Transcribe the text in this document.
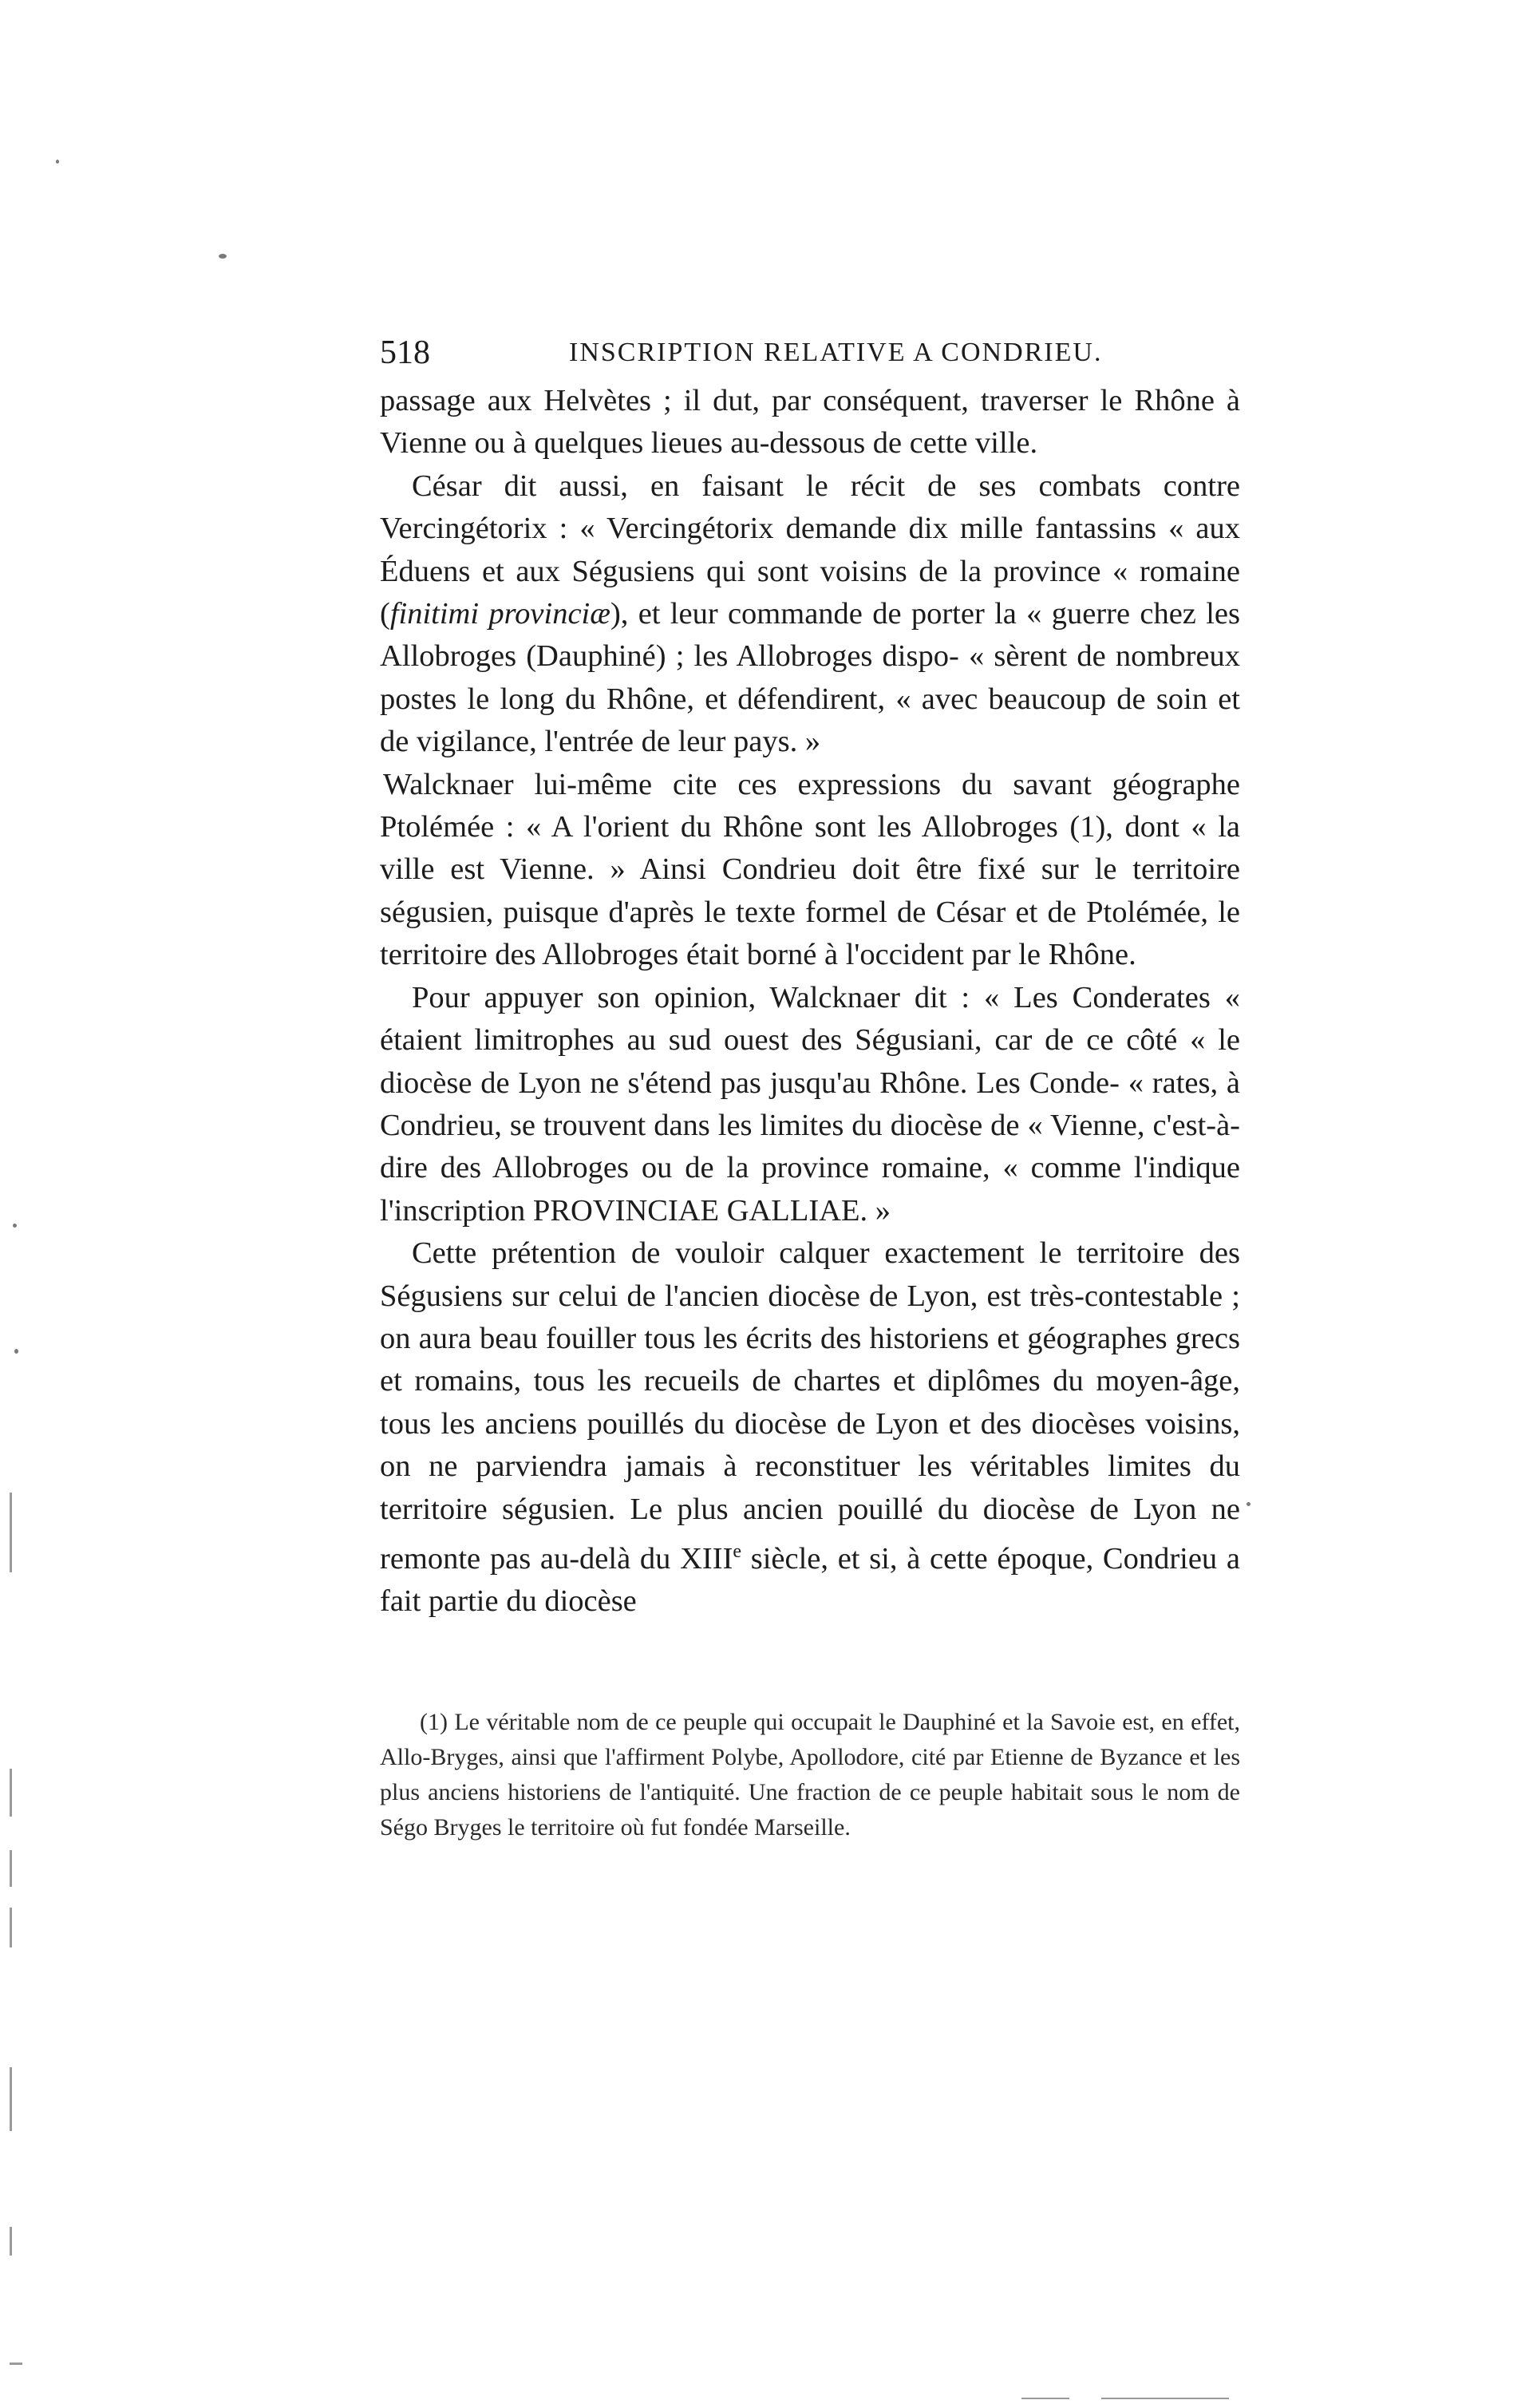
518	INSCRIPTION RELATIVE A CONDRIEU.

passage aux Helvètes ; il dut, par conséquent, traverser le Rhône à Vienne ou à quelques lieues au-dessous de cette ville.

César dit aussi, en faisant le récit de ses combats contre Vercingétorix : « Vercingétorix demande dix mille fantassins « aux Éduens et aux Ségusiens qui sont voisins de la province « romaine (finitimi provinciæ), et leur commande de porter la « guerre chez les Allobroges (Dauphiné) ; les Allobroges dispo- « sèrent de nombreux postes le long du Rhône, et défendirent, « avec beaucoup de soin et de vigilance, l'entrée de leur pays. »

Walcknaer lui-même cite ces expressions du savant géographe Ptolémée : « A l'orient du Rhône sont les Allobroges (1), dont « la ville est Vienne. » Ainsi Condrieu doit être fixé sur le territoire ségusien, puisque d'après le texte formel de César et de Ptolémée, le territoire des Allobroges était borné à l'occident par le Rhône.

Pour appuyer son opinion, Walcknaer dit : « Les Conderates « étaient limitrophes au sud ouest des Ségusiani, car de ce côté « le diocèse de Lyon ne s'étend pas jusqu'au Rhône. Les Conde- « rates, à Condrieu, se trouvent dans les limites du diocèse de « Vienne, c'est-à-dire des Allobroges ou de la province romaine, « comme l'indique l'inscription PROVINCIAE GALLIAE. »

Cette prétention de vouloir calquer exactement le territoire des Ségusiens sur celui de l'ancien diocèse de Lyon, est très-contestable ; on aura beau fouiller tous les écrits des historiens et géographes grecs et romains, tous les recueils de chartes et diplômes du moyen-âge, tous les anciens pouillés du diocèse de Lyon et des diocèses voisins, on ne parviendra jamais à reconstituer les véritables limites du territoire ségusien. Le plus ancien pouillé du diocèse de Lyon ne remonte pas au-delà du XIIIe siècle, et si, à cette époque, Condrieu a fait partie du diocèse

(1) Le véritable nom de ce peuple qui occupait le Dauphiné et la Savoie est, en effet, Allo-Bryges, ainsi que l'affirment Polybe, Apollodore, cité par Etienne de Byzance et les plus anciens historiens de l'antiquité. Une fraction de ce peuple habitait sous le nom de Ségo Bryges le territoire où fut fondée Marseille.
